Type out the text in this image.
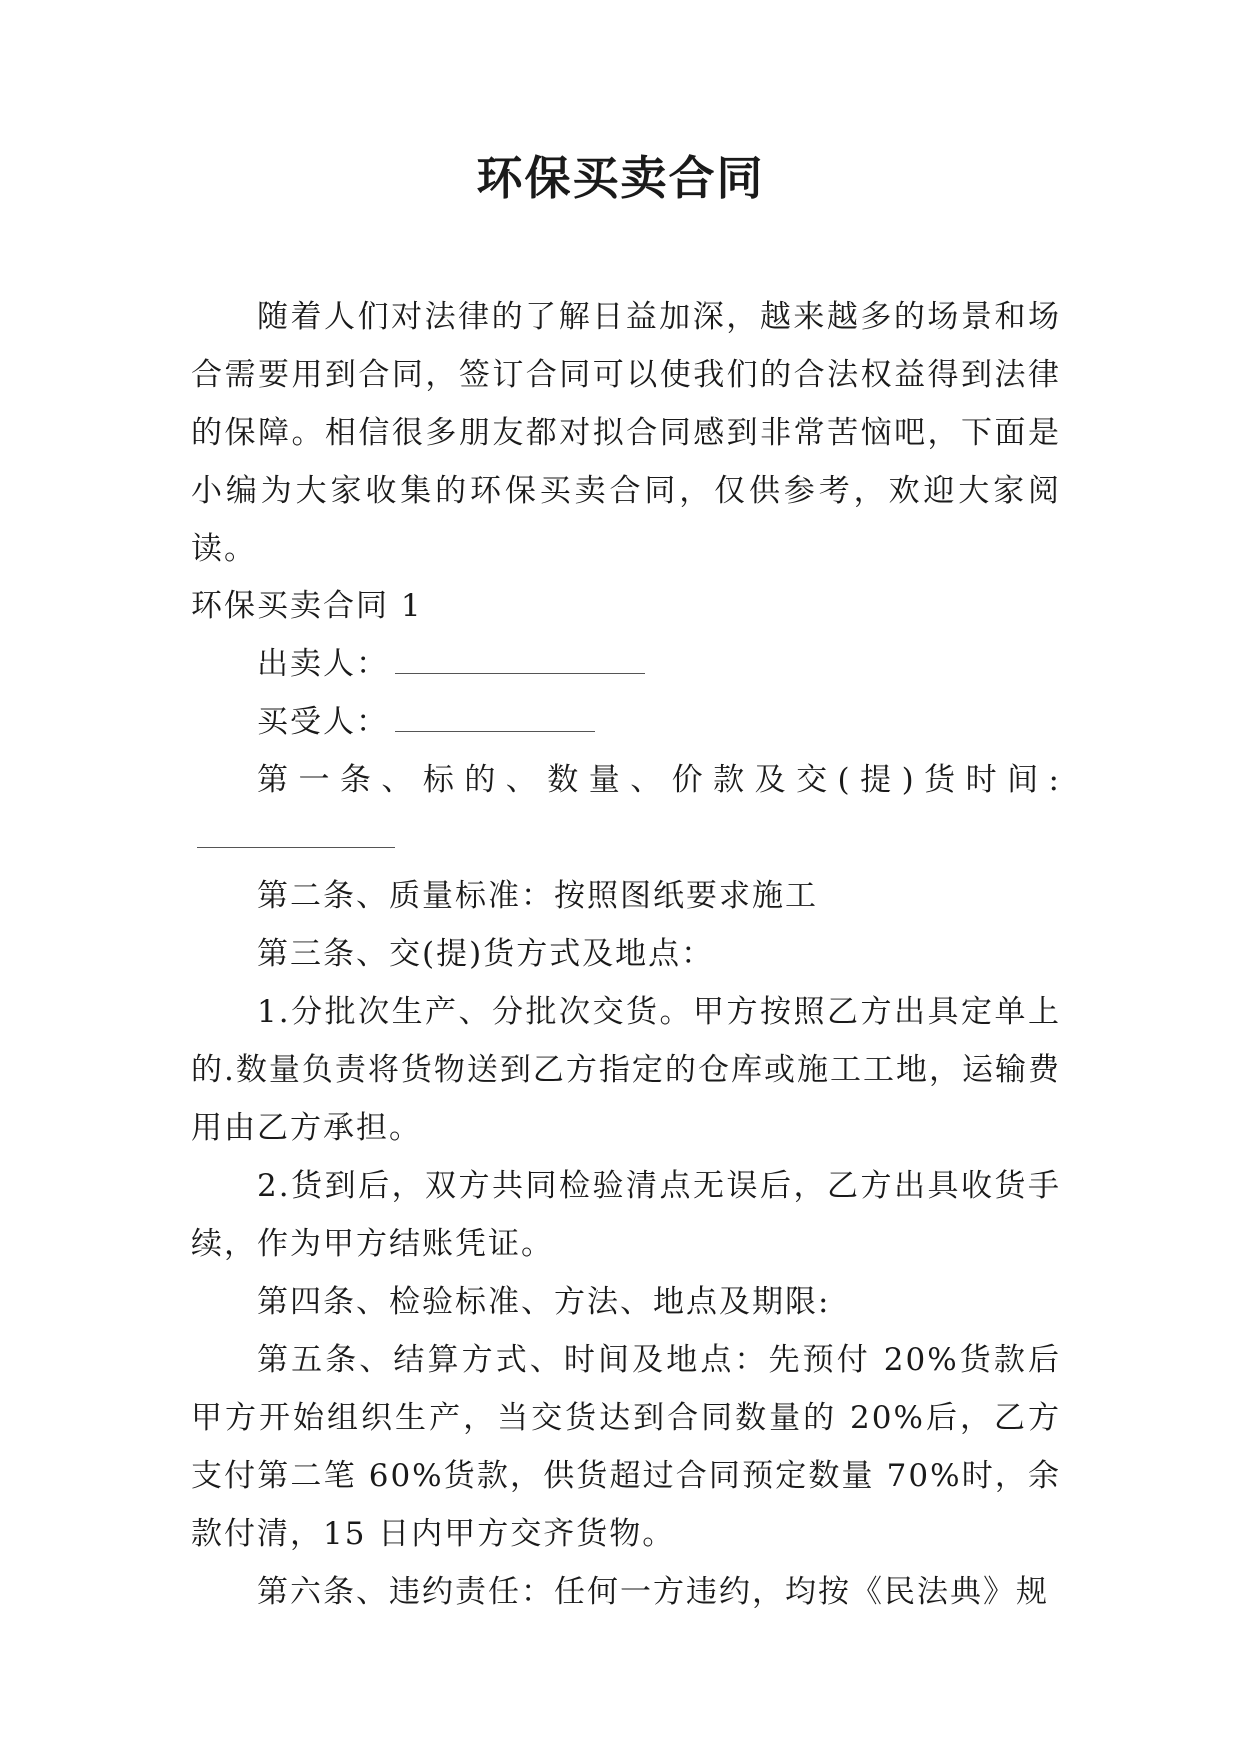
环保买卖合同

随着人们对法律的了解日益加深，越来越多的场景和场合需要用到合同，签订合同可以使我们的合法权益得到法律的保障。相信很多朋友都对拟合同感到非常苦恼吧，下面是小编为大家收集的环保买卖合同，仅供参考，欢迎大家阅读。

环保买卖合同 1

出卖人：

买受人：

第一条、标的、数量、价款及交(提)货时间:

第二条、质量标准：按照图纸要求施工

第三条、交(提)货方式及地点：

1.分批次生产、分批次交货。甲方按照乙方出具定单上的.数量负责将货物送到乙方指定的仓库或施工工地，运输费用由乙方承担。

2.货到后，双方共同检验清点无误后，乙方出具收货手续，作为甲方结账凭证。

第四条、检验标准、方法、地点及期限:

第五条、结算方式、时间及地点：先预付 20%货款后甲方开始组织生产，当交货达到合同数量的 20%后，乙方支付第二笔 60%货款，供货超过合同预定数量 70%时，余款付清，15 日内甲方交齐货物。

第六条、违约责任：任何一方违约，均按《民法典》规
